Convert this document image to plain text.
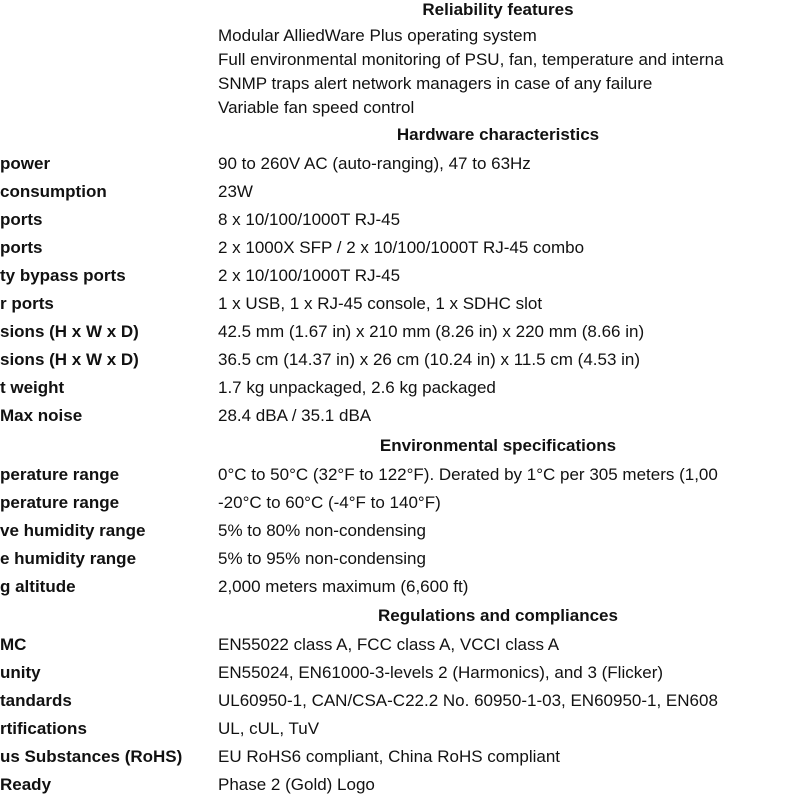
Reliability features
Modular AlliedWare Plus operating system
Full environmental monitoring of PSU, fan, temperature and interna
SNMP traps alert network managers in case of any failure
Variable fan speed control
Hardware characteristics
power	90 to 260V AC (auto-ranging), 47 to 63Hz
consumption	23W
ports	8 x 10/100/1000T RJ-45
ports	2 x 1000X SFP / 2 x 10/100/1000T RJ-45 combo
ty bypass ports	2 x 10/100/1000T RJ-45
r ports	1 x USB, 1 x RJ-45 console, 1 x SDHC slot
sions (H x W x D)	42.5 mm (1.67 in) x 210 mm (8.26 in) x 220 mm (8.66 in)
sions (H x W x D)	36.5 cm (14.37 in) x 26 cm (10.24 in) x 11.5 cm (4.53 in)
t weight	1.7 kg unpackaged, 2.6 kg packaged
Max noise	28.4 dBA / 35.1 dBA
Environmental specifications
perature range	0°C to 50°C (32°F to 122°F). Derated by 1°C per 305 meters (1,00
perature range	-20°C to 60°C (-4°F to 140°F)
ve humidity range	5% to 80% non-condensing
e humidity range	5% to 95% non-condensing
g altitude	2,000 meters maximum (6,600 ft)
Regulations and compliances
MC	EN55022 class A, FCC class A, VCCI class A
unity	EN55024, EN61000-3-levels 2 (Harmonics), and 3 (Flicker)
tandards	UL60950-1, CAN/CSA-C22.2 No. 60950-1-03, EN60950-1, EN608
rtifications	UL, cUL, TuV
us Substances (RoHS)	EU RoHS6 compliant, China RoHS compliant
Ready	Phase 2 (Gold) Logo
